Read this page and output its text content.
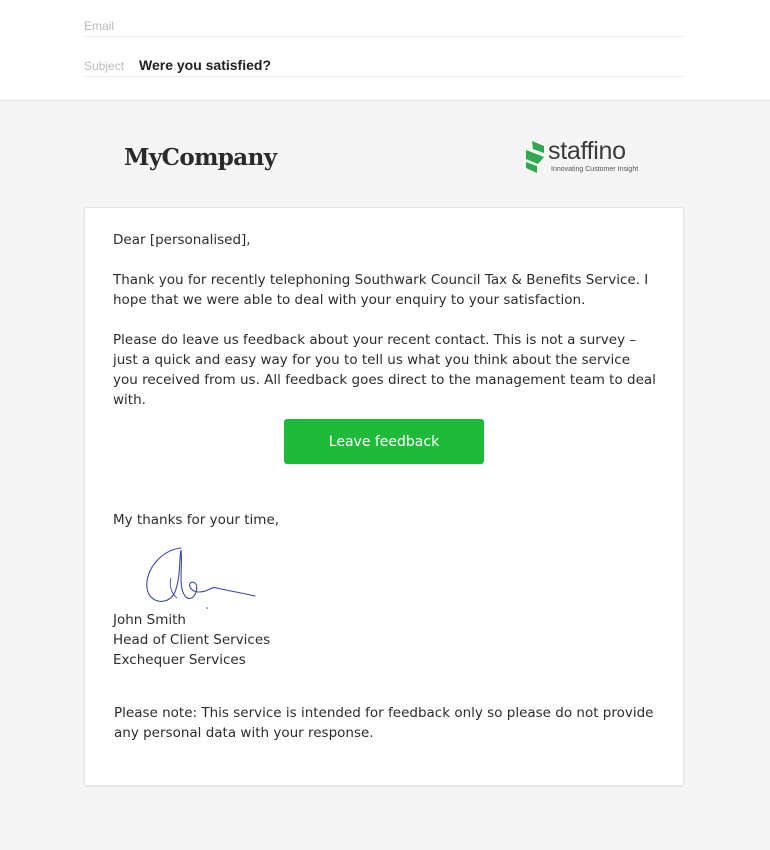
Email
Subject Were you satisfied?
MyCompany	staffino
Innovating Customer Insight

Dear [personalised],

Thank you for recently telephoning Southwark Council Tax & Benefits Service. I hope that we were able to deal with your enquiry to your satisfaction.

Please do leave us feedback about your recent contact. This is not a survey – just a quick and easy way for you to tell us what you think about the service you received from us. All feedback goes direct to the management team to deal with.

Leave feedback

My thanks for your time,

John Smith

Head of Client Services

Exchequer Services

Please note: This service is intended for feedback only so please do not provide any personal data with your response.
